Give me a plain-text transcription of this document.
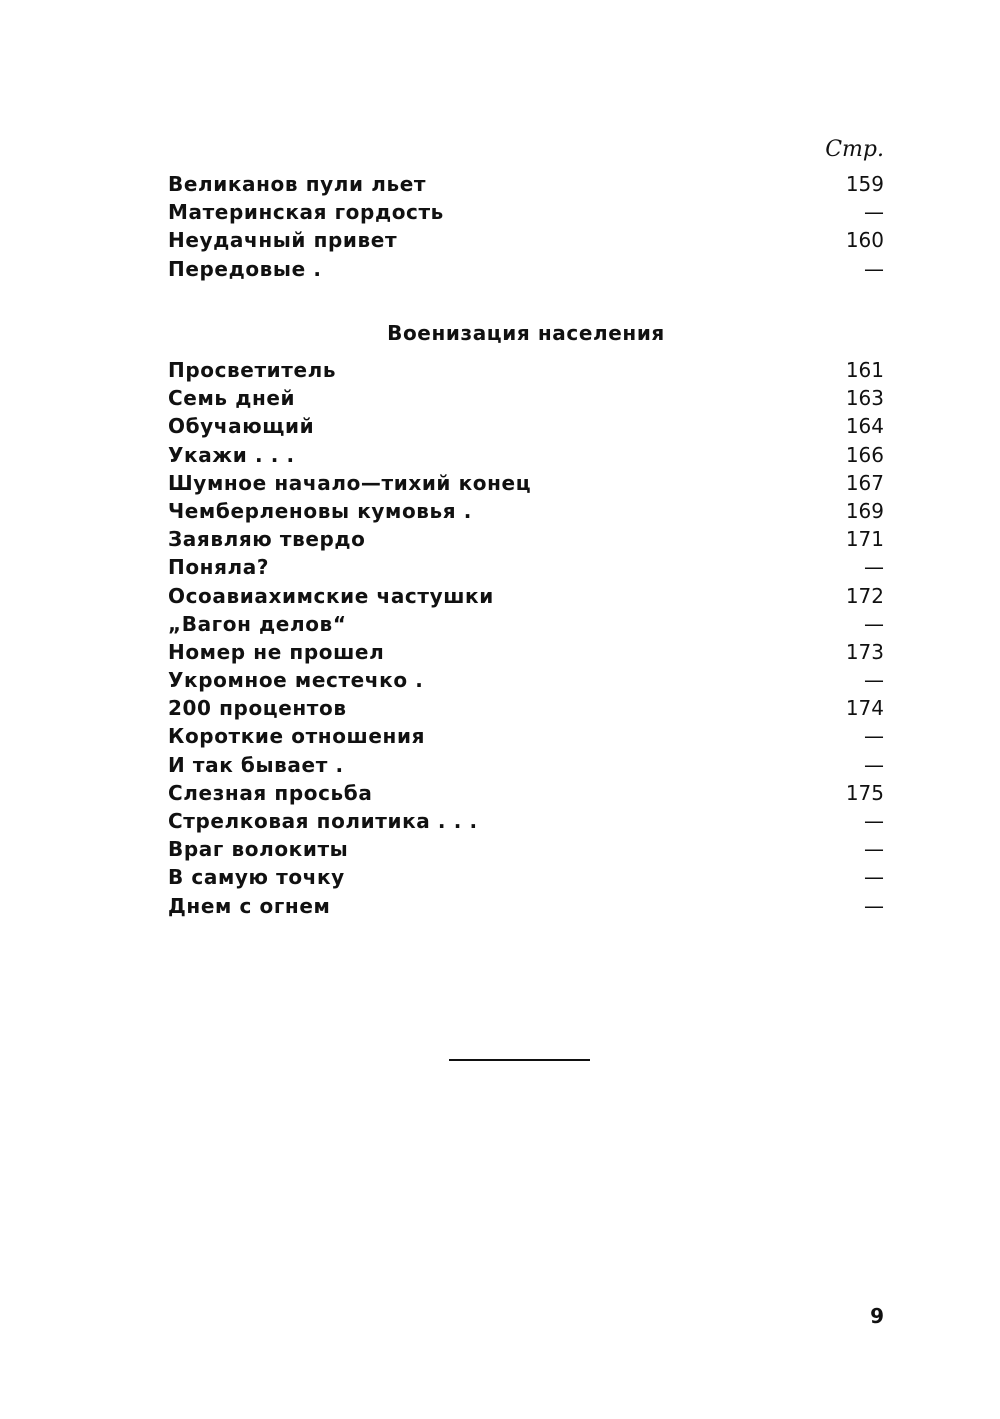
Стр.
Великанов пули льет	159
Материнская гордость	—
Неудачный привет	160
Передовые .	—
Военизация населения
Просветитель	161
Семь дней	163
Обучающий	164
Укажи . . .	166
Шумное начало—тихий конец	167
Чемберленовы кумовья .	169
Заявляю твердо	171
Поняла?	—
Осоавиахимские частушки	172
„Вагон делов“	—
Номер не прошел	173
Укромное местечко .	—
200 процентов	174
Короткие отношения	—
И так бывает .	—
Слезная просьба	175
Стрелковая политика . . .	—
Враг волокиты	—
В самую точку	—
Днем с огнем	—
9
